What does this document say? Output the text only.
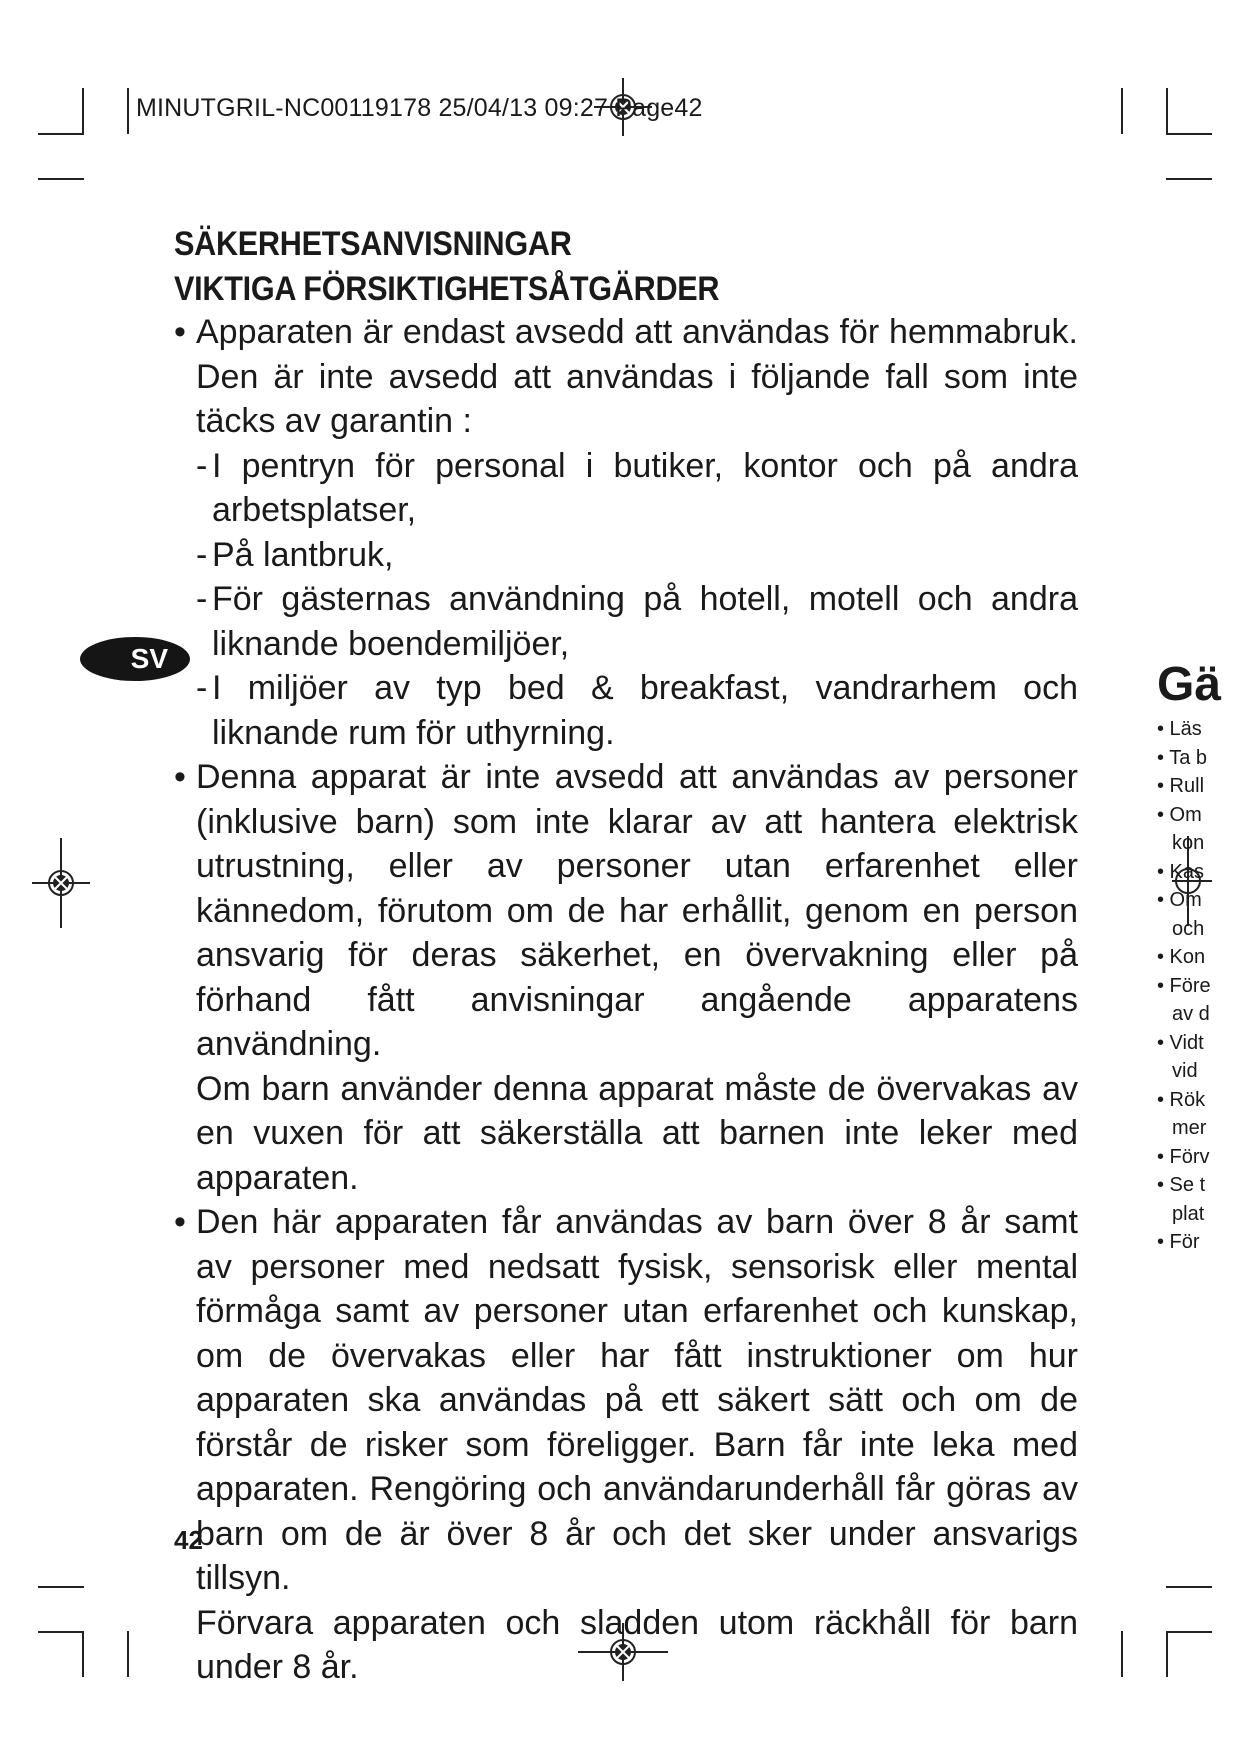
MINUTGRIL-NC00119178 25/04/13 09:27 Page42
SV
SÄKERHETSANVISNINGAR
VIKTIGA FÖRSIKTIGHETSÅTGÄRDER
• Apparaten är endast avsedd att användas för hemmabruk. Den är inte avsedd att användas i följande fall som inte täcks av garantin :

- I pentryn för personal i butiker, kontor och på andra arbetsplatser,

- På lantbruk,

- För gästernas användning på hotell, motell och andra liknande boendemiljöer,

- I miljöer av typ bed & breakfast, vandrarhem och liknande rum för uthyrning.

• Denna apparat är inte avsedd att användas av personer (inklusive barn) som inte klarar av att hantera elektrisk utrustning, eller av personer utan erfarenhet eller kännedom, förutom om de har erhållit, genom en person ansvarig för deras säkerhet, en övervakning eller på förhand fått anvisningar angående apparatens användning.

Om barn använder denna apparat måste de övervakas av en vuxen för att säkerställa att barnen inte leker med apparaten.

• Den här apparaten får användas av barn över 8 år samt av personer med nedsatt fysisk, sensorisk eller mental förmåga samt av personer utan erfarenhet och kunskap, om de övervakas eller har fått instruktioner om hur apparaten ska användas på ett säkert sätt och om de förstår de risker som föreligger. Barn får inte leka med apparaten. Rengöring och användarunderhåll får göras av barn om de är över 8 år och det sker under ansvarigs tillsyn.

Förvara apparaten och sladden utom räckhåll för barn under 8 år.

42
Gä
• Läs
• Ta b
• Rull
• Om
kon
• Kas
• Om
och
• Kon
• Före
av d
• Vidt
vid
• Rök
mer
• Förv
• Se t
plat
• För
